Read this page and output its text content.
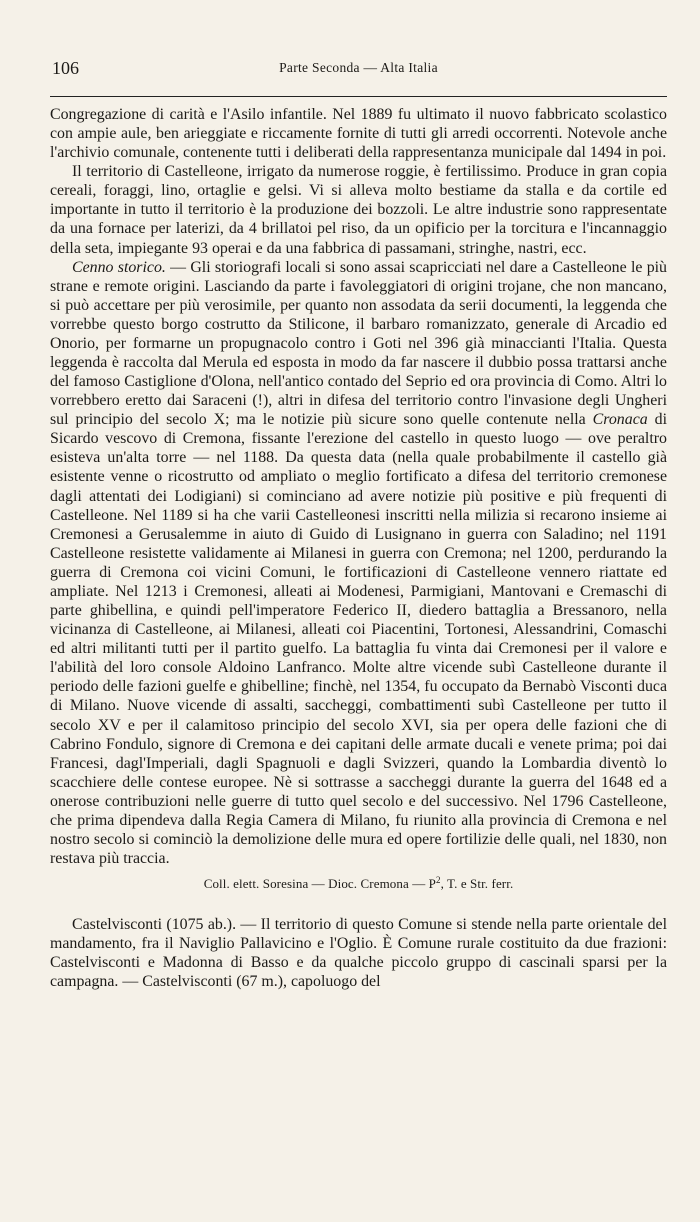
106	Parte Seconda — Alta Italia

Congregazione di carità e l'Asilo infantile. Nel 1889 fu ultimato il nuovo fabbricato scolastico con ampie aule, ben arieggiate e riccamente fornite di tutti gli arredi occorrenti. Notevole anche l'archivio comunale, contenente tutti i deliberati della rappresentanza municipale dal 1494 in poi.

Il territorio di Castelleone, irrigato da numerose roggie, è fertilissimo. Produce in gran copia cereali, foraggi, lino, ortaglie e gelsi. Vi si alleva molto bestiame da stalla e da cortile ed importante in tutto il territorio è la produzione dei bozzoli. Le altre industrie sono rappresentate da una fornace per laterizi, da 4 brillatoi pel riso, da un opificio per la torcitura e l'incannaggio della seta, impiegante 93 operai e da una fabbrica di passamani, stringhe, nastri, ecc.

Cenno storico. — Gli storiografi locali si sono assai scapricciati nel dare a Castelleone le più strane e remote origini. Lasciando da parte i favoleggiatori di origini trojane, che non mancano, si può accettare per più verosimile, per quanto non assodata da serii documenti, la leggenda che vorrebbe questo borgo costrutto da Stilicone, il barbaro romanizzato, generale di Arcadio ed Onorio, per formarne un propugnacolo contro i Goti nel 396 già minaccianti l'Italia. Questa leggenda è raccolta dal Merula ed esposta in modo da far nascere il dubbio possa trattarsi anche del famoso Castiglione d'Olona, nell'antico contado del Seprio ed ora provincia di Como. Altri lo vorrebbero eretto dai Saraceni (!), altri in difesa del territorio contro l'invasione degli Ungheri sul principio del secolo X; ma le notizie più sicure sono quelle contenute nella Cronaca di Sicardo vescovo di Cremona, fissante l'erezione del castello in questo luogo — ove peraltro esisteva un'alta torre — nel 1188. Da questa data (nella quale probabilmente il castello già esistente venne o ricostrutto od ampliato o meglio fortificato a difesa del territorio cremonese dagli attentati dei Lodigiani) si cominciano ad avere notizie più positive e più frequenti di Castelleone. Nel 1189 si ha che varii Castelleonesi inscritti nella milizia si recarono insieme ai Cremonesi a Gerusalemme in aiuto di Guido di Lusignano in guerra con Saladino; nel 1191 Castelleone resistette validamente ai Milanesi in guerra con Cremona; nel 1200, perdurando la guerra di Cremona coi vicini Comuni, le fortificazioni di Castelleone vennero riattate ed ampliate. Nel 1213 i Cremonesi, alleati ai Modenesi, Parmigiani, Mantovani e Cremaschi di parte ghibellina, e quindi pell'imperatore Federico II, diedero battaglia a Bressanoro, nella vicinanza di Castelleone, ai Milanesi, alleati coi Piacentini, Tortonesi, Alessandrini, Comaschi ed altri militanti tutti per il partito guelfo. La battaglia fu vinta dai Cremonesi per il valore e l'abilità del loro console Aldoino Lanfranco. Molte altre vicende subì Castelleone durante il periodo delle fazioni guelfe e ghibelline; finchè, nel 1354, fu occupato da Bernabò Visconti duca di Milano. Nuove vicende di assalti, saccheggi, combattimenti subì Castelleone per tutto il secolo XV e per il calamitoso principio del secolo XVI, sia per opera delle fazioni che di Cabrino Fondulo, signore di Cremona e dei capitani delle armate ducali e venete prima; poi dai Francesi, dagl'Imperiali, dagli Spagnuoli e dagli Svizzeri, quando la Lombardia diventò lo scacchiere delle contese europee. Nè si sottrasse a saccheggi durante la guerra del 1648 ed a onerose contribuzioni nelle guerre di tutto quel secolo e del successivo. Nel 1796 Castelleone, che prima dipendeva dalla Regia Camera di Milano, fu riunito alla provincia di Cremona e nel nostro secolo si cominciò la demolizione delle mura ed opere fortilizie delle quali, nel 1830, non restava più traccia.

Coll. elett. Soresina — Dioc. Cremona — $P^2$, T. e Str. ferr.

Castelvisconti (1075 ab.). — Il territorio di questo Comune si stende nella parte orientale del mandamento, fra il Naviglio Pallavicino e l'Oglio. È Comune rurale costituito da due frazioni: Castelvisconti e Madonna di Basso e da qualche piccolo gruppo di cascinali sparsi per la campagna. — Castelvisconti (67 m.), capoluogo del
